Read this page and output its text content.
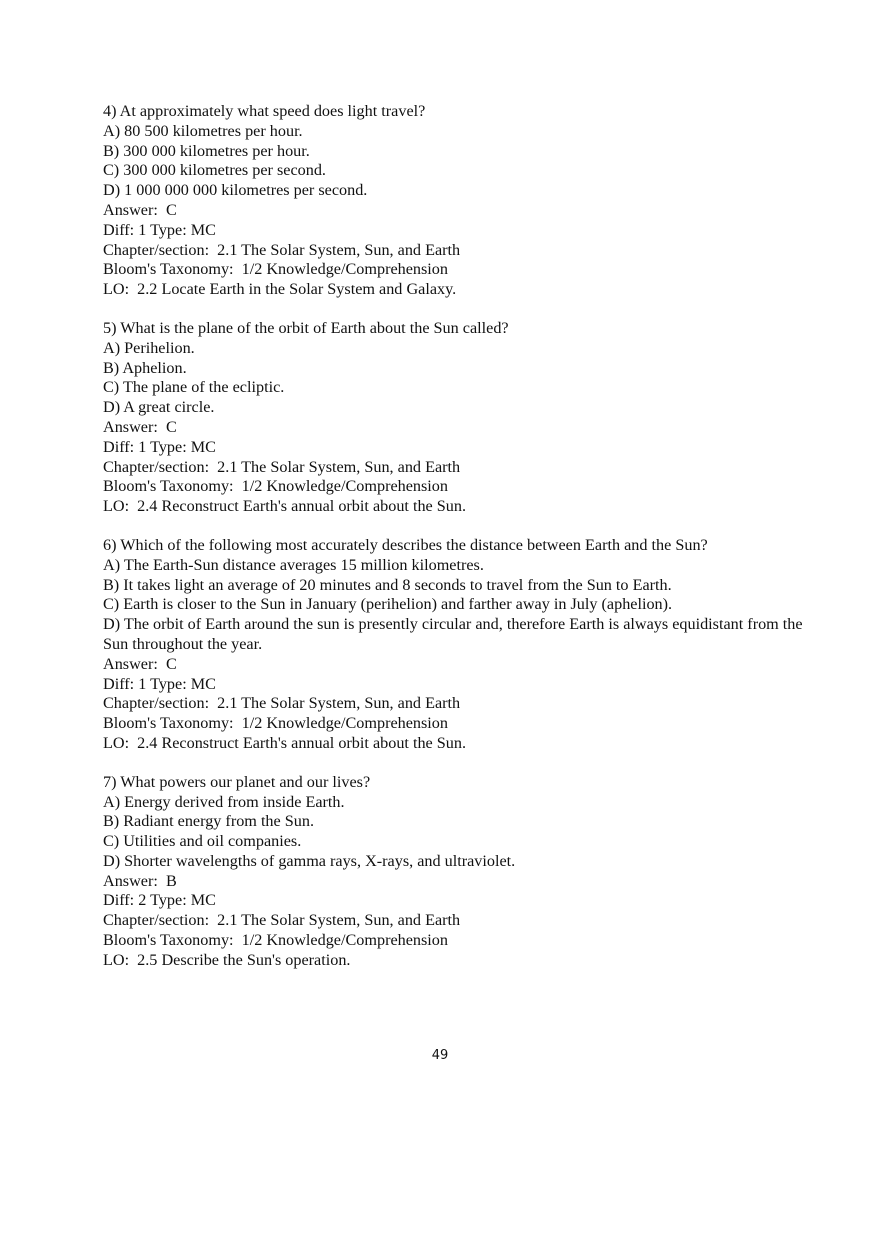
4) At approximately what speed does light travel?

A) 80 500 kilometres per hour.

B) 300 000 kilometres per hour.

C) 300 000 kilometres per second.

D) 1 000 000 000 kilometres per second.

Answer:  C

Diff: 1 Type: MC

Chapter/section:  2.1 The Solar System, Sun, and Earth

Bloom's Taxonomy:  1/2 Knowledge/Comprehension

LO:  2.2 Locate Earth in the Solar System and Galaxy.

5) What is the plane of the orbit of Earth about the Sun called?

A) Perihelion.

B) Aphelion.

C) The plane of the ecliptic.

D) A great circle.

Answer:  C

Diff: 1 Type: MC

Chapter/section:  2.1 The Solar System, Sun, and Earth

Bloom's Taxonomy:  1/2 Knowledge/Comprehension

LO:  2.4 Reconstruct Earth's annual orbit about the Sun.

6) Which of the following most accurately describes the distance between Earth and the Sun?

A) The Earth-Sun distance averages 15 million kilometres.

B) It takes light an average of 20 minutes and 8 seconds to travel from the Sun to Earth.

C) Earth is closer to the Sun in January (perihelion) and farther away in July (aphelion).

D) The orbit of Earth around the sun is presently circular and, therefore Earth is always equidistant from the Sun throughout the year.

Answer:  C

Diff: 1 Type: MC

Chapter/section:  2.1 The Solar System, Sun, and Earth

Bloom's Taxonomy:  1/2 Knowledge/Comprehension

LO:  2.4 Reconstruct Earth's annual orbit about the Sun.

7) What powers our planet and our lives?

A) Energy derived from inside Earth.

B) Radiant energy from the Sun.

C) Utilities and oil companies.

D) Shorter wavelengths of gamma rays, X-rays, and ultraviolet.

Answer:  B

Diff: 2 Type: MC

Chapter/section:  2.1 The Solar System, Sun, and Earth

Bloom's Taxonomy:  1/2 Knowledge/Comprehension

LO:  2.5 Describe the Sun's operation.

49
